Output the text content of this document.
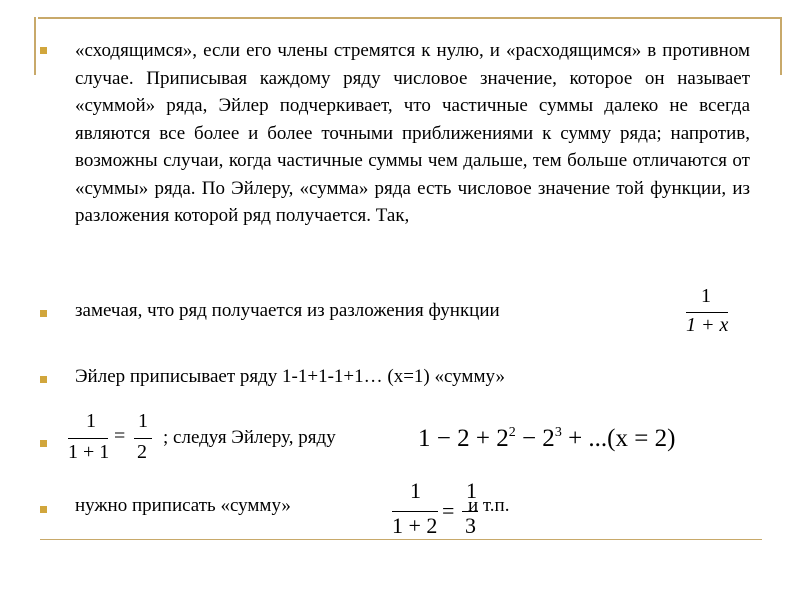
«сходящимся», если его члены стремятся к нулю, и «расходящимся» в противном случае. Приписывая каждому ряду числовое значение, которое он называет «суммой» ряда, Эйлер подчеркивает, что частичные суммы далеко не всегда являются все более и более точными приближениями к сумму ряда; напротив, возможны случаи, когда частичные суммы чем дальше, тем больше отличаются от «суммы» ряда. По Эйлеру, «сумма» ряда есть числовое значение той функции, из разложения которой ряд получается. Так,
замечая, что ряд получается из разложения функции
1
1 + x
Эйлер приписывает ряду 1-1+1-1+1… (x=1) «сумму»
1
1 + 1
=
1
2
; следуя Эйлеру, ряду	$1 - 2 + 2^2 - 2^3 + ...(x = 2)$
нужно приписать «сумму»
1
1 + 2
=
1
3
и т.п.
